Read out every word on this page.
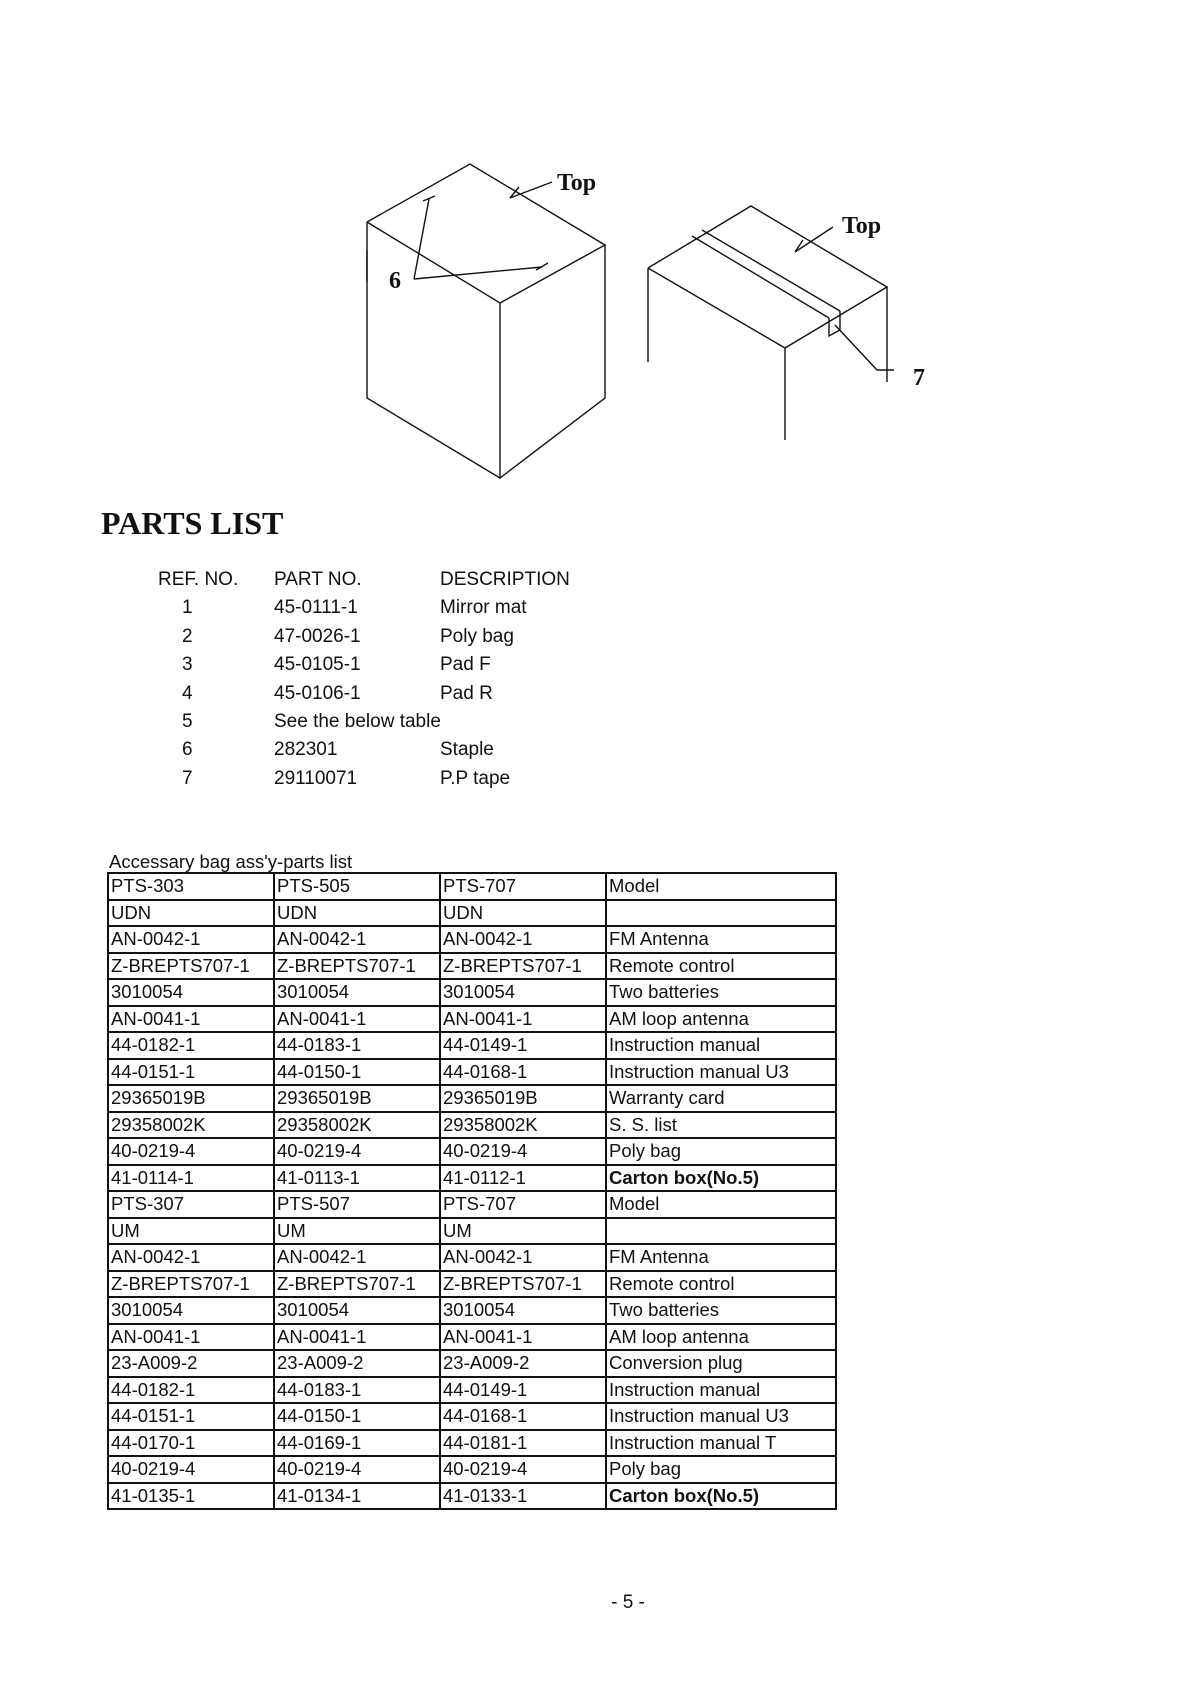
Top
Top
6
7
PARTS LIST
REF. NO.	PART NO.	DESCRIPTION
1	45-0111-1	Mirror mat
2	47-0026-1	Poly bag
3	45-0105-1	Pad F
4	45-0106-1	Pad R
5	See the below table
6	282301	Staple
7	29110071	P.P tape
Accessary bag ass'y-parts list
PTS-303	PTS-505	PTS-707	Model
UDN	UDN	UDN	
AN-0042-1	AN-0042-1	AN-0042-1	FM Antenna
Z-BREPTS707-1	Z-BREPTS707-1	Z-BREPTS707-1	Remote control
3010054	3010054	3010054	Two batteries
AN-0041-1	AN-0041-1	AN-0041-1	AM loop antenna
44-0182-1	44-0183-1	44-0149-1	Instruction manual
44-0151-1	44-0150-1	44-0168-1	Instruction manual U3
29365019B	29365019B	29365019B	Warranty card
29358002K	29358002K	29358002K	S. S. list
40-0219-4	40-0219-4	40-0219-4	Poly bag
41-0114-1	41-0113-1	41-0112-1	Carton box(No.5)
PTS-307	PTS-507	PTS-707	Model
UM	UM	UM	
AN-0042-1	AN-0042-1	AN-0042-1	FM Antenna
Z-BREPTS707-1	Z-BREPTS707-1	Z-BREPTS707-1	Remote control
3010054	3010054	3010054	Two batteries
AN-0041-1	AN-0041-1	AN-0041-1	AM loop antenna
23-A009-2	23-A009-2	23-A009-2	Conversion plug
44-0182-1	44-0183-1	44-0149-1	Instruction manual
44-0151-1	44-0150-1	44-0168-1	Instruction manual U3
44-0170-1	44-0169-1	44-0181-1	Instruction manual T
40-0219-4	40-0219-4	40-0219-4	Poly bag
41-0135-1	41-0134-1	41-0133-1	Carton box(No.5)
- 5 -
